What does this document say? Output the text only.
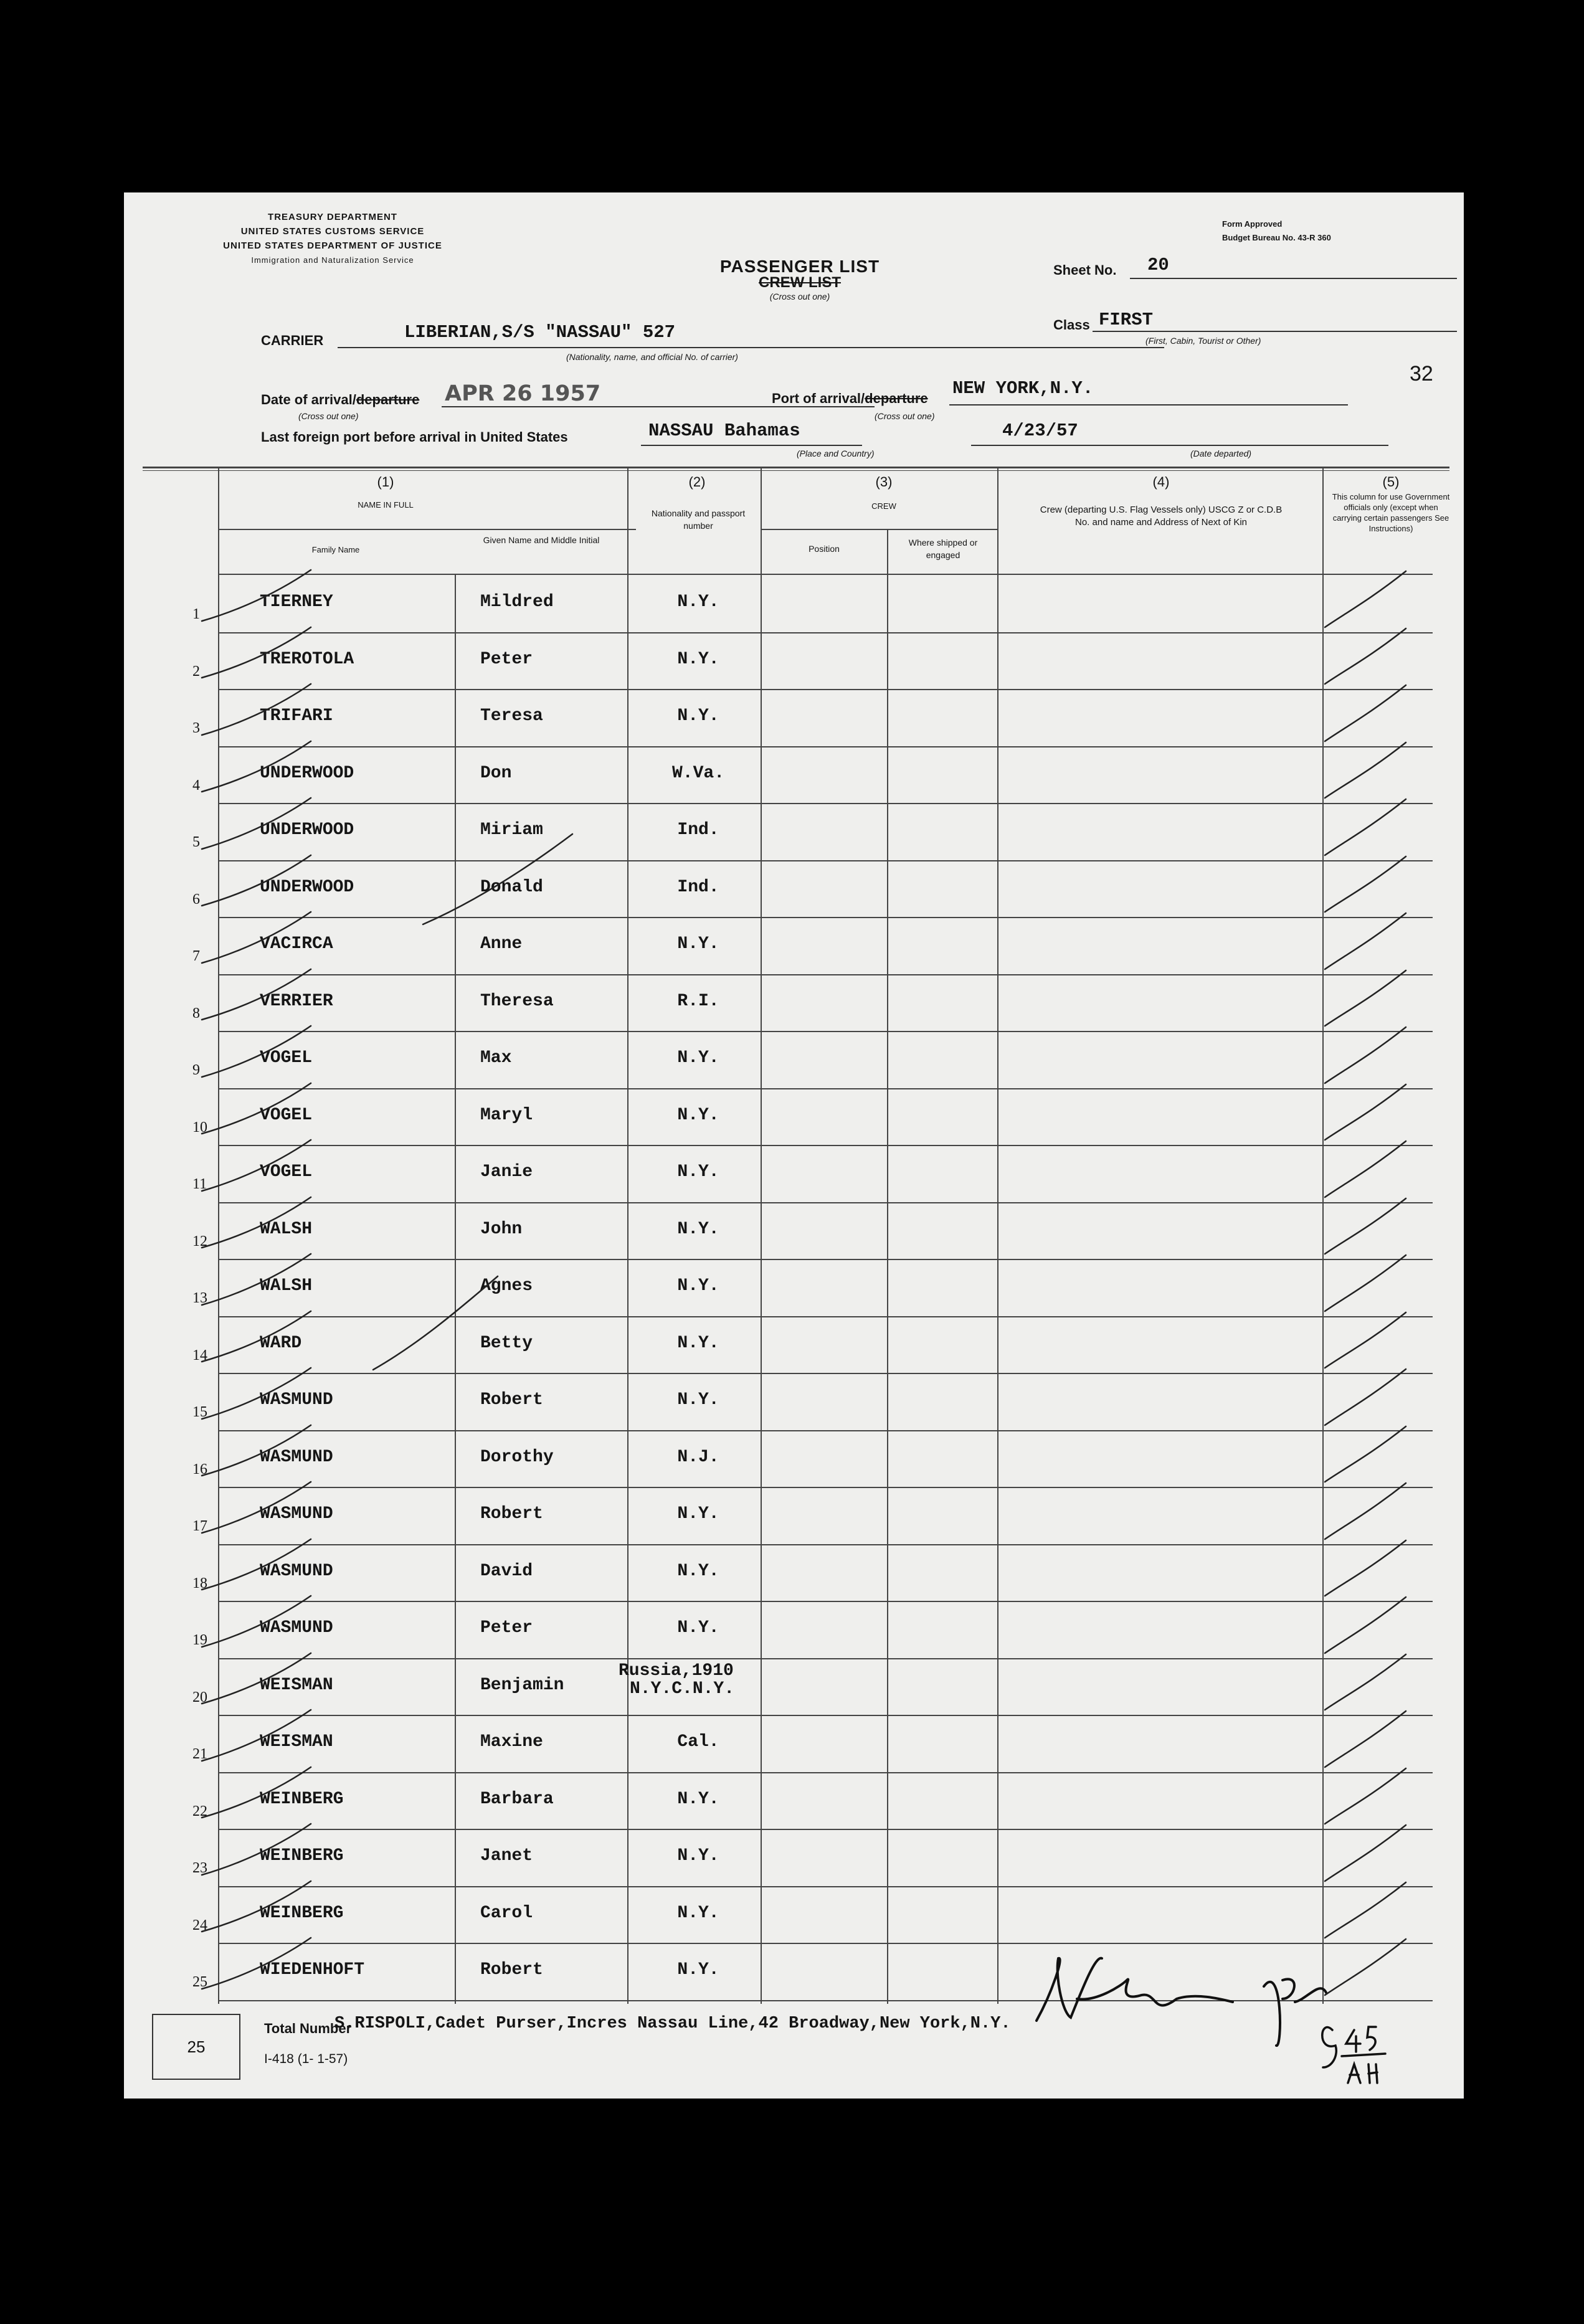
TREASURY DEPARTMENT
UNITED STATES CUSTOMS SERVICE
UNITED STATES DEPARTMENT OF JUSTICE
Immigration and Naturalization Service
Form Approved
Budget Bureau No. 43-R 360
PASSENGER LIST
CREW LIST
(Cross out one)
Sheet No. 20
CARRIER	LIBERIAN,S/S "NASSAU" 527
(Nationality, name, and official No. of carrier)
Class FIRST
(First, Cabin, Tourist or Other)
32
Date of arrival/departure APR 26 1957
(Cross out one)
Port of arrival/departure NEW YORK,N.Y.
(Cross out one)
Last foreign port before arrival in United States	NASSAU Bahamas
(Place and Country)
4/23/57
(Date departed)
(1)
NAME IN FULL
Family Name
Given Name and Middle Initial
(2)
Nationality and passport number
(3)
CREW
Position
Where shipped or engaged
(4)
Crew (departing U.S. Flag Vessels only) USCG Z or C.D.B No. and name and Address of Next of Kin
(5)
This column for use Government officials only (except when carrying certain passengers See Instructions)
1
TIERNEY	Mildred	N.Y.
2
TREROTOLA	Peter	N.Y.
3
TRIFARI	Teresa	N.Y.
4
UNDERWOOD	Don	W.Va.
5
UNDERWOOD	Miriam	Ind.
6
UNDERWOOD	Donald	Ind.
7
VACIRCA	Anne	N.Y.
8
VERRIER	Theresa	R.I.
9
VOGEL	Max	N.Y.
10
VOGEL	Maryl	N.Y.
11
VOGEL	Janie	N.Y.
12
WALSH	John	N.Y.
13
WALSH	Agnes	N.Y.
14
WARD	Betty	N.Y.
15
WASMUND	Robert	N.Y.
16
WASMUND	Dorothy	N.J.
17
WASMUND	Robert	N.Y.
18
WASMUND	David	N.Y.
19
WASMUND	Peter	N.Y.
20
WEISMAN	Benjamin
Russia,1910
N.Y.C.N.Y.
21
WEISMAN	Maxine	Cal.
22
WEINBERG	Barbara	N.Y.
23
WEINBERG	Janet	N.Y.
24
WEINBERG	Carol	N.Y.
25
WIEDENHOFT	Robert	N.Y.
25
Total Number
S.RISPOLI,Cadet Purser,Incres Nassau Line,42 Broadway,New York,N.Y.
I-418 (1- 1-57)
